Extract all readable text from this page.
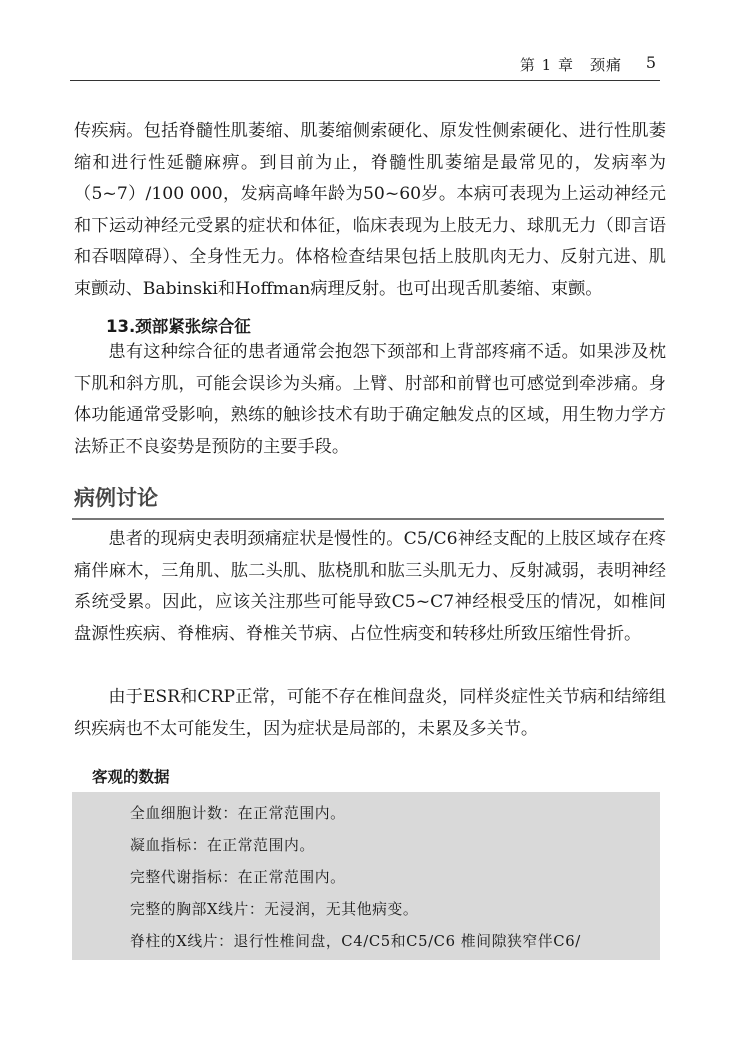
第 1 章　颈痛 5

传疾病。包括脊髓性肌萎缩、肌萎缩侧索硬化、原发性侧索硬化、进行性肌萎缩和进行性延髓麻痹。到目前为止，脊髓性肌萎缩是最常见的，发病率为（5~7）/100 000，发病高峰年龄为50~60岁。本病可表现为上运动神经元和下运动神经元受累的症状和体征，临床表现为上肢无力、球肌无力（即言语和吞咽障碍）、全身性无力。体格检查结果包括上肢肌肉无力、反射亢进、肌束颤动、Babinski和Hoffman病理反射。也可出现舌肌萎缩、束颤。

13.颈部紧张综合征

患有这种综合征的患者通常会抱怨下颈部和上背部疼痛不适。如果涉及枕下肌和斜方肌，可能会误诊为头痛。上臂、肘部和前臂也可感觉到牵涉痛。身体功能通常受影响，熟练的触诊技术有助于确定触发点的区域，用生物力学方法矫正不良姿势是预防的主要手段。

病例讨论

患者的现病史表明颈痛症状是慢性的。C5/C6神经支配的上肢区域存在疼痛伴麻木，三角肌、肱二头肌、肱桡肌和肱三头肌无力、反射减弱，表明神经系统受累。因此，应该关注那些可能导致C5~C7神经根受压的情况，如椎间盘源性疾病、脊椎病、脊椎关节病、占位性病变和转移灶所致压缩性骨折。

由于ESR和CRP正常，可能不存在椎间盘炎，同样炎症性关节病和结缔组织疾病也不太可能发生，因为症状是局部的，未累及多关节。

客观的数据
全血细胞计数：在正常范围内。
凝血指标：在正常范围内。
完整代谢指标：在正常范围内。
完整的胸部X线片：无浸润，无其他病变。
脊柱的X线片：退行性椎间盘，C4/C5和C5/C6 椎间隙狭窄伴C6/
